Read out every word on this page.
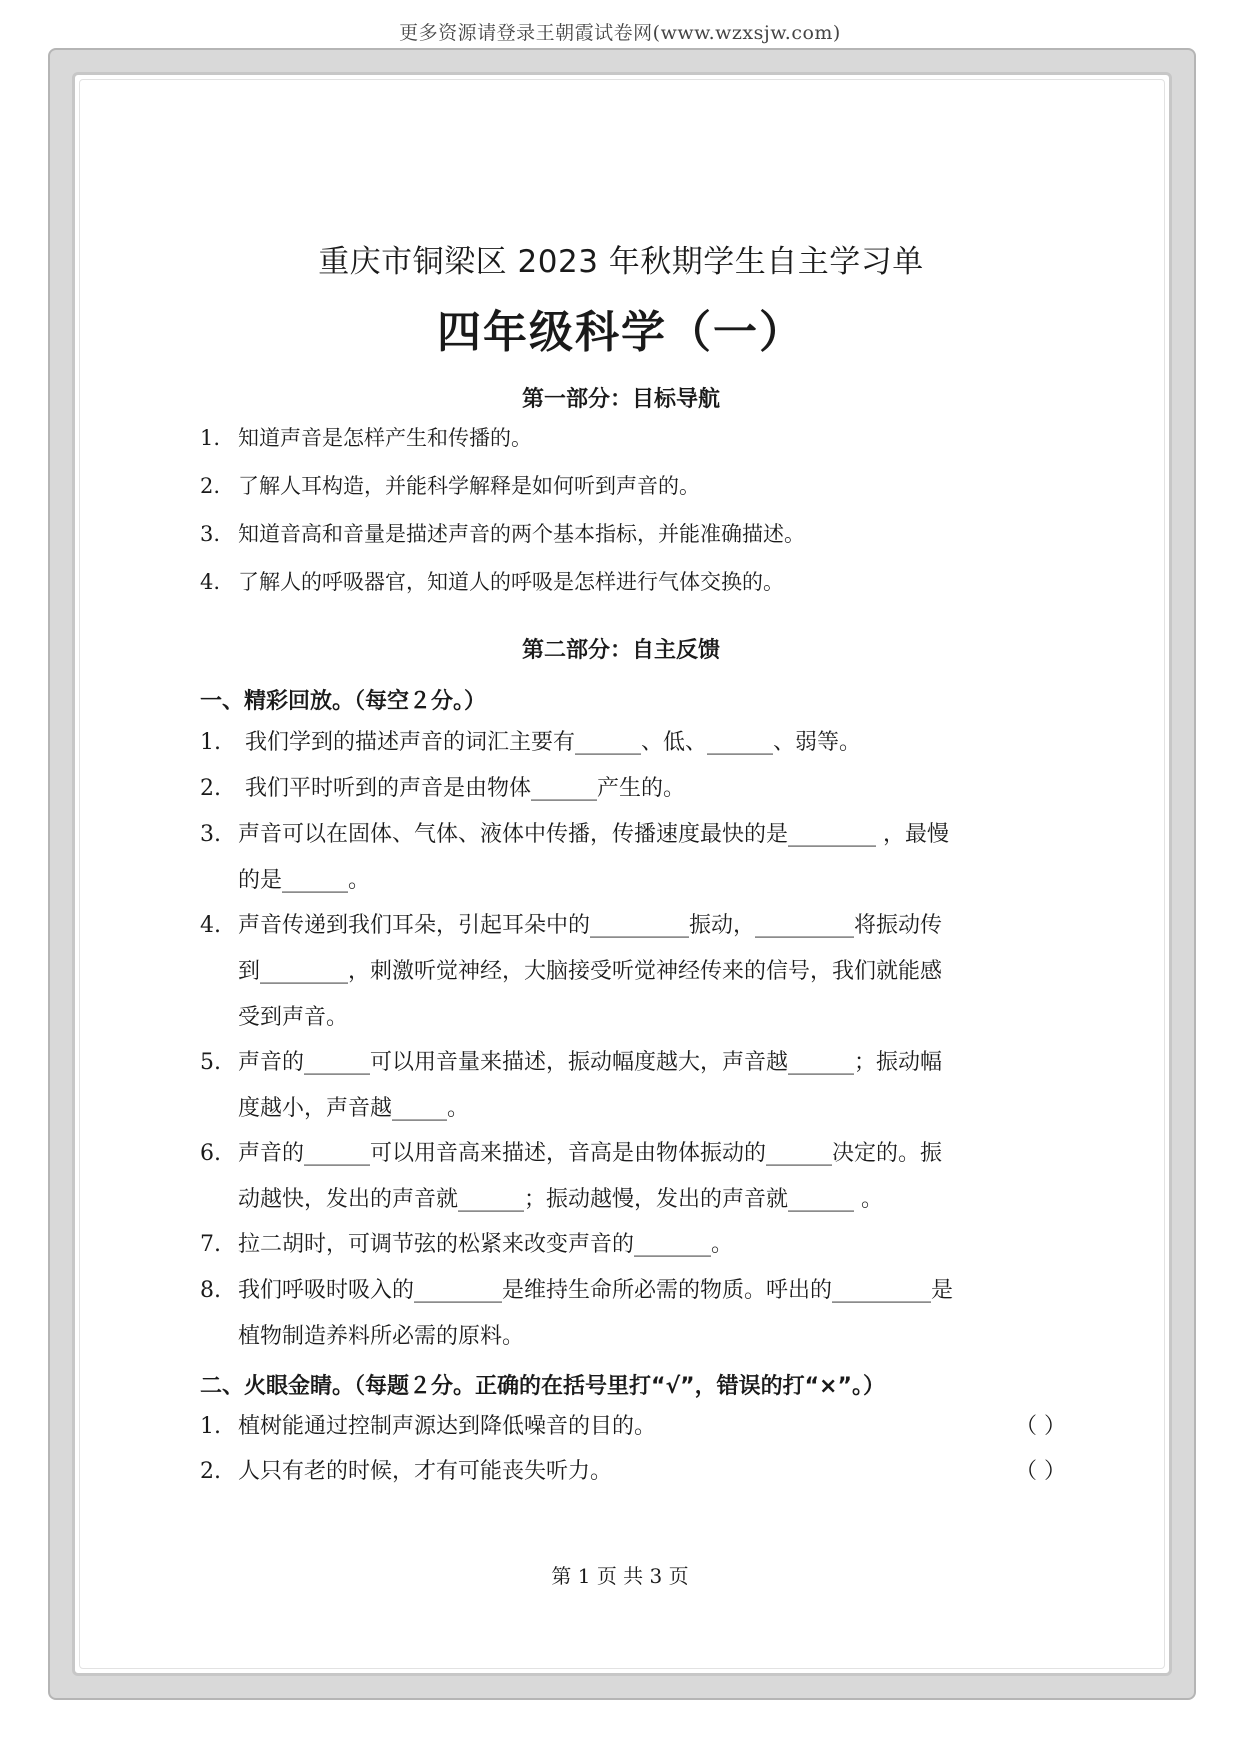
更多资源请登录王朝霞试卷网(www.wzxsjw.com)
重庆市铜梁区 2023 年秋期学生自主学习单
四年级科学（一）
第一部分：目标导航
1. 知道声音是怎样产生和传播的。
2. 了解人耳构造，并能科学解释是如何听到声音的。
3. 知道音高和音量是描述声音的两个基本指标，并能准确描述。
4. 了解人的呼吸器官，知道人的呼吸是怎样进行气体交换的。
第二部分：自主反馈
一、精彩回放。（每空２分。）
1. 我们学到的描述声音的词汇主要有______、低、______、弱等。
2. 我们平时听到的声音是由物体______产生的。
3. 声音可以在固体、气体、液体中传播，传播速度最快的是________ ，最慢
的是______。
4. 声音传递到我们耳朵，引起耳朵中的_________振动，_________将振动传
到________，刺激听觉神经，大脑接受听觉神经传来的信号，我们就能感
受到声音。
5. 声音的______可以用音量来描述，振动幅度越大，声音越______；振动幅
度越小，声音越_____。
6. 声音的______可以用音高来描述，音高是由物体振动的______决定的。振
动越快，发出的声音就______；振动越慢，发出的声音就______ 。
7. 拉二胡时，可调节弦的松紧来改变声音的_______。
8. 我们呼吸时吸入的________是维持生命所必需的物质。呼出的_________是
植物制造养料所必需的原料。
二、火眼金睛。（每题２分。正确的在括号里打“√”，错误的打“×”。）
1. 植树能通过控制声源达到降低噪音的目的。	（ ）
2. 人只有老的时候，才有可能丧失听力。	（ ）
第 1 页 共 3 页
